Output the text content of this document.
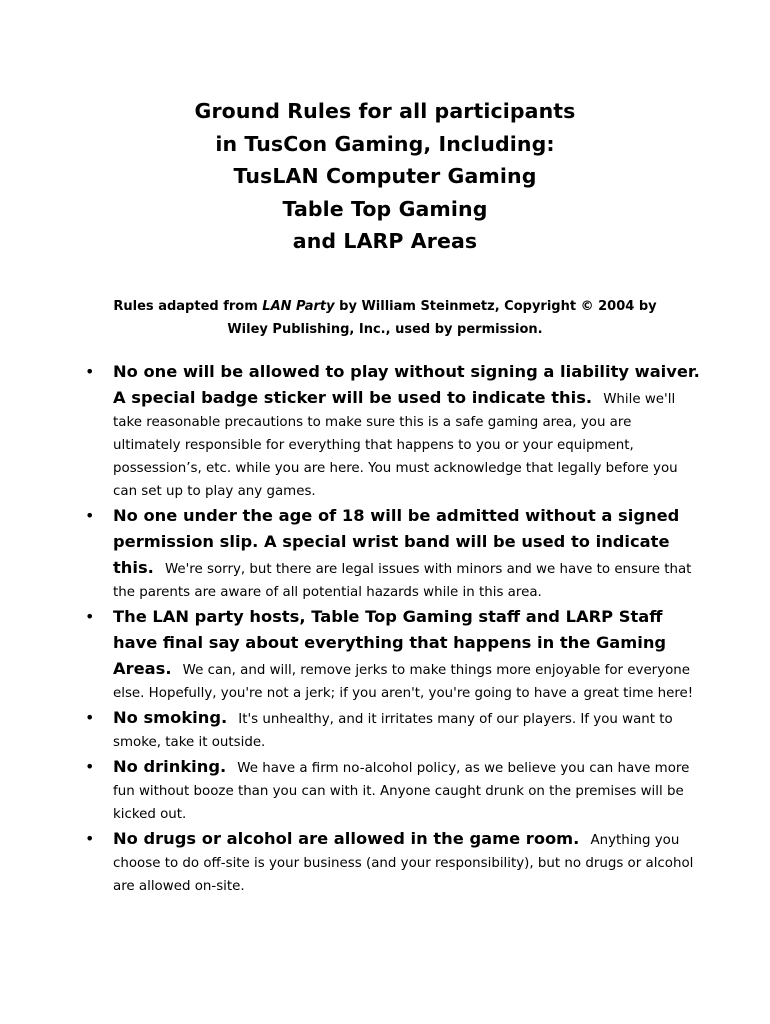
Ground Rules for all participants
in TusCon Gaming, Including:
TusLAN Computer Gaming
Table Top Gaming
and LARP Areas

Rules adapted from LAN Party by William Steinmetz, Copyright © 2004 by Wiley Publishing, Inc., used by permission.

• No one will be allowed to play without signing a liability waiver. A special badge sticker will be used to indicate this. While we'll take reasonable precautions to make sure this is a safe gaming area, you are ultimately responsible for everything that happens to you or your equipment, possession’s, etc. while you are here. You must acknowledge that legally before you can set up to play any games.
• No one under the age of 18 will be admitted without a signed permission slip. A special wrist band will be used to indicate this. We're sorry, but there are legal issues with minors and we have to ensure that the parents are aware of all potential hazards while in this area.
• The LAN party hosts, Table Top Gaming staff and LARP Staff have final say about everything that happens in the Gaming Areas. We can, and will, remove jerks to make things more enjoyable for everyone else. Hopefully, you're not a jerk; if you aren't, you're going to have a great time here!
• No smoking. It's unhealthy, and it irritates many of our players. If you want to smoke, take it outside.
• No drinking. We have a firm no-alcohol policy, as we believe you can have more fun without booze than you can with it. Anyone caught drunk on the premises will be kicked out.
• No drugs or alcohol are allowed in the game room. Anything you choose to do off-site is your business (and your responsibility), but no drugs or alcohol are allowed on-site.
